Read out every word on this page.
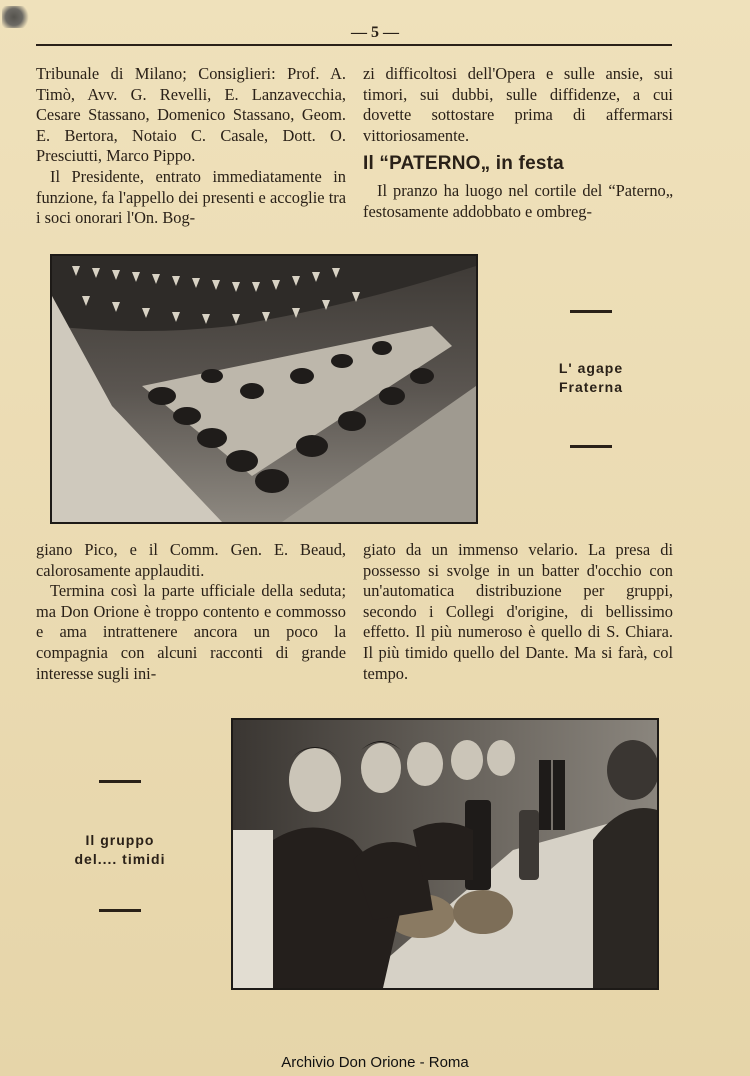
— 5 —

Tribunale di Milano; Consiglieri: Prof. A. Timò, Avv. G. Revelli, E. Lanzavecchia, Cesare Stassano, Domenico Stassano, Geom. E. Bertora, Notaio C. Casale, Dott. O. Presciutti, Marco Pippo.

Il Presidente, entrato immediatamente in funzione, fa l'appello dei presenti e accoglie tra i soci onorari l'On. Bog-

zi difficoltosi dell'Opera e sulle ansie, sui timori, sui dubbi, sulle diffidenze, a cui dovette sottostare prima di affermarsi vittoriosamente.

Il “PATERNO„ in festa

Il pranzo ha luogo nel cortile del “Paterno„ festosamente addobbato e ombreg-

L' agape
Fraterna

giano Pico, e il Comm. Gen. E. Beaud, calorosamente applauditi.

Termina così la parte ufficiale della seduta; ma Don Orione è troppo contento e commosso e ama intrattenere ancora un poco la compagnia con alcuni racconti di grande interesse sugli ini-

giato da un immenso velario. La presa di possesso si svolge in un batter d'occhio con un'automatica distribuzione per gruppi, secondo i Collegi d'origine, di bellissimo effetto. Il più numeroso è quello di S. Chiara. Il più timido quello del Dante. Ma si farà, col tempo.

Il gruppo
del.... timidi
Archivio Don Orione - Roma
